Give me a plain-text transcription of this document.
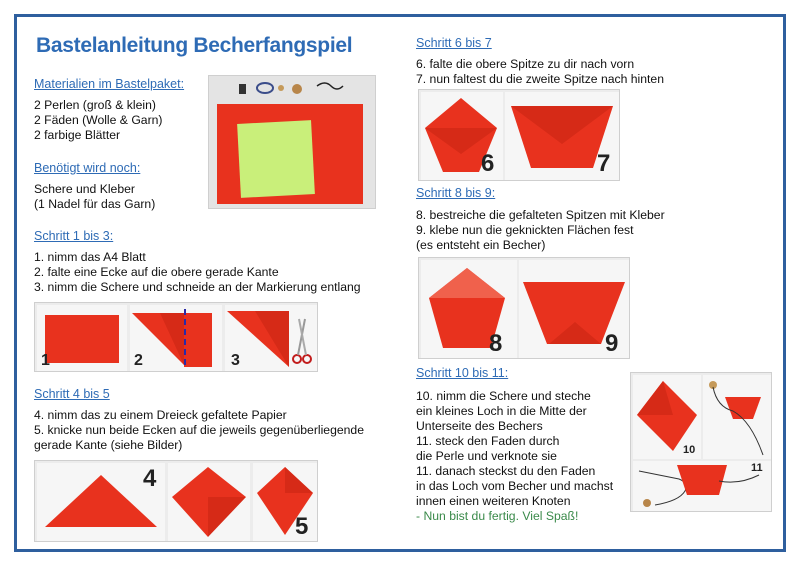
Bastelanleitung Becherfangspiel
Materialien im Bastelpaket:
2 Perlen (groß & klein)
2 Fäden (Wolle & Garn)
2 farbige Blätter
Benötigt wird noch:
Schere und Kleber
(1 Nadel für das Garn)
Schritt 1 bis 3:
1. nimm das A4 Blatt
2. falte eine Ecke auf die obere gerade Kante
3. nimm die Schere und schneide an der Markierung entlang
1	2	3
Schritt 4 bis 5
4. nimm das zu einem Dreieck gefaltete Papier
5. knicke nun beide Ecken auf die jeweils gegenüberliegende
gerade Kante (siehe Bilder)
4
5
Schritt 6 bis 7
6. falte die obere Spitze zu dir nach vorn
7. nun faltest du die zweite Spitze nach hinten
6	7
Schritt 8 bis 9:
8. bestreiche die gefalteten Spitzen mit Kleber
9. klebe nun die geknickten Flächen fest
(es entsteht ein Becher)
8	9
Schritt 10 bis 11:
10. nimm die Schere und steche
ein kleines Loch in die Mitte der
Unterseite des Bechers
11. steck den Faden durch
die Perle und verknote sie
11. danach steckst du den Faden
in das Loch vom Becher und machst
innen einen weiteren Knoten
- Nun bist du fertig. Viel Spaß!
10
11
